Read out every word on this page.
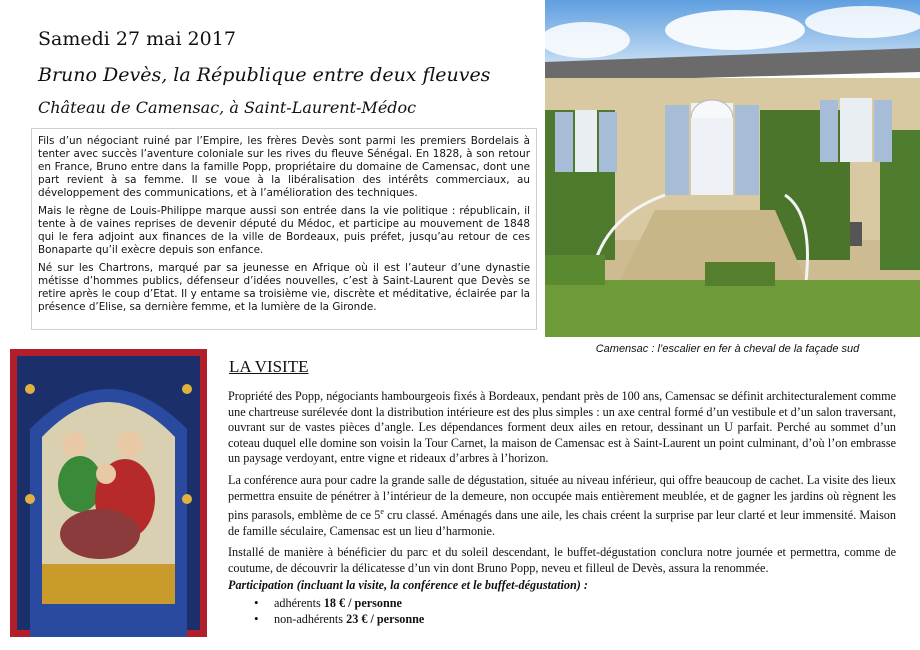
Samedi 27 mai 2017
Bruno Devès, la République entre deux fleuves
Château de Camensac, à Saint-Laurent-Médoc

Fils d’un négociant ruiné par l’Empire, les frères Devès sont parmi les premiers Bordelais à tenter avec succès l’aventure coloniale sur les rives du fleuve Sénégal. En 1828, à son retour en France, Bruno entre dans la famille Popp, propriétaire du domaine de Camensac, dont une part revient à sa femme. Il se voue à la libéralisation des intérêts commerciaux, au développement des communications, et à l’amélioration des techniques.

Mais le règne de Louis-Philippe marque aussi son entrée dans la vie politique : républicain, il tente à de vaines reprises de devenir député du Médoc, et participe au mouvement de 1848 qui le fera adjoint aux finances de la ville de Bordeaux, puis préfet, jusqu’au retour de ces Bonaparte qu’il exècre depuis son enfance.

Né sur les Chartrons, marqué par sa jeunesse en Afrique où il est l’auteur d’une dynastie métisse d’hommes publics, défenseur d’idées nouvelles, c’est à Saint-Laurent que Devès se retire après le coup d’Etat. Il y entame sa troisième vie, discrète et méditative, éclairée par la présence d’Elise, sa dernière femme, et la lumière de la Gironde.

Camensac : l’escalier en fer à cheval de la façade sud
LA VISITE

Propriété des Popp, négociants hambourgeois fixés à Bordeaux, pendant près de 100 ans, Camensac se définit architecturalement comme une chartreuse surélevée dont la distribution intérieure est des plus simples : un axe central formé d’un vestibule et d’un salon traversant, ouvrant sur de vastes pièces d’angle. Les dépendances forment deux ailes en retour, dessinant un U parfait. Perché au sommet d’un coteau duquel elle domine son voisin la Tour Carnet, la maison de Camensac est à Saint-Laurent un point culminant, d’où l’on embrasse un paysage verdoyant, entre vigne et rideaux d’arbres à l’horizon.

La conférence aura pour cadre la grande salle de dégustation, située au niveau inférieur, qui offre beaucoup de cachet. La visite des lieux permettra ensuite de pénétrer à l’intérieur de la demeure, non occupée mais entièrement meublée, et de gagner les jardins où règnent les pins parasols, emblème de ce 5e cru classé. Aménagés dans une aile, les chais créent la surprise par leur clarté et leur immensité. Maison de famille séculaire, Camensac est un lieu d’harmonie.

Installé de manière à bénéficier du parc et du soleil descendant, le buffet-dégustation conclura notre journée et permettra, comme de coutume, de découvrir la délicatesse d’un vin dont Bruno Popp, neveu et filleul de Devès, assura la renommée.

Participation (incluant la visite, la conférence et le buffet-dégustation) :
• adhérents 18 € / personne
• non-adhérents 23 € / personne
